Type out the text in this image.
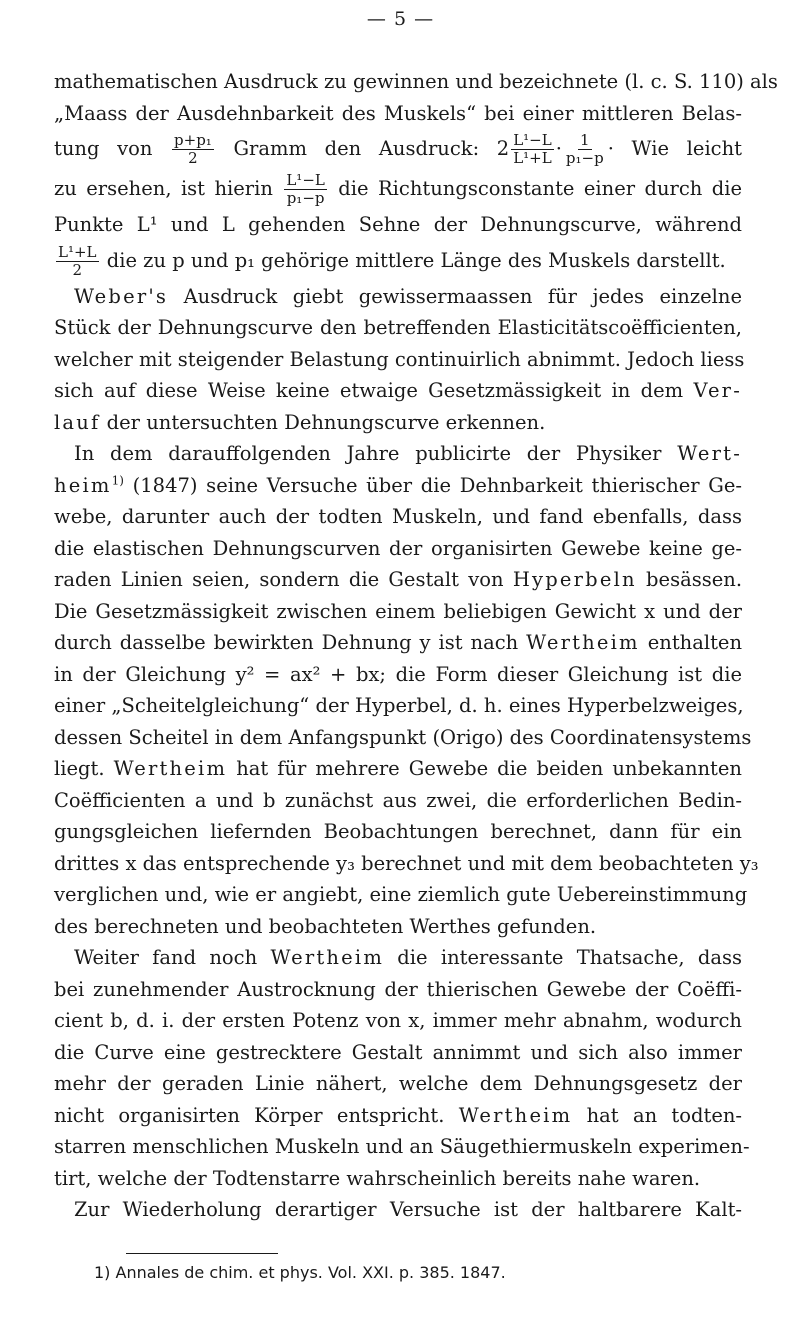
— 5 —
mathematischen Ausdruck zu gewinnen und bezeichnete (l. c. S. 110) als
„Maass der Ausdehnbarkeit des Muskels“ bei einer mittleren Belas-
tung von $\frac{\text{p+p₁}}{2}$ Gramm den Ausdruck: $2 \frac{\text{L¹−L}}{\text{L¹+L}} \cdot \frac{1}{\text{p₁−p}}$ · Wie leicht
zu ersehen, ist hierin $\frac{\text{L¹−L}}{\text{p₁−p}}$ die Richtungsconstante einer durch die
Punkte L¹ und L gehenden Sehne der Dehnungscurve, während
$\frac{\text{L¹+L}}{2}$ die zu p und p₁ gehörige mittlere Länge des Muskels darstellt.
Weber's Ausdruck giebt gewissermaassen für jedes einzelne
Stück der Dehnungscurve den betreffenden Elasticitätscoëfficienten,
welcher mit steigender Belastung continuirlich abnimmt. Jedoch liess
sich auf diese Weise keine etwaige Gesetzmässigkeit in dem Ver-
lauf der untersuchten Dehnungscurve erkennen.
In dem darauffolgenden Jahre publicirte der Physiker Wert-
heim$^{1)}$ (1847) seine Versuche über die Dehnbarkeit thierischer Ge-
webe, darunter auch der todten Muskeln, und fand ebenfalls, dass
die elastischen Dehnungscurven der organisirten Gewebe keine ge-
raden Linien seien, sondern die Gestalt von Hyperbeln besässen.
Die Gesetzmässigkeit zwischen einem beliebigen Gewicht x und der
durch dasselbe bewirkten Dehnung y ist nach Wertheim enthalten
in der Gleichung y² = ax² + bx; die Form dieser Gleichung ist die
einer „Scheitelgleichung“ der Hyperbel, d. h. eines Hyperbelzweiges,
dessen Scheitel in dem Anfangspunkt (Origo) des Coordinatensystems
liegt. Wertheim hat für mehrere Gewebe die beiden unbekannten
Coëfficienten a und b zunächst aus zwei, die erforderlichen Bedin-
gungsgleichen liefernden Beobachtungen berechnet, dann für ein
drittes x das entsprechende y₃ berechnet und mit dem beobachteten y₃
verglichen und, wie er angiebt, eine ziemlich gute Uebereinstimmung
des berechneten und beobachteten Werthes gefunden.
Weiter fand noch Wertheim die interessante Thatsache, dass
bei zunehmender Austrocknung der thierischen Gewebe der Coëffi-
cient b, d. i. der ersten Potenz von x, immer mehr abnahm, wodurch
die Curve eine gestrecktere Gestalt annimmt und sich also immer
mehr der geraden Linie nähert, welche dem Dehnungsgesetz der
nicht organisirten Körper entspricht. Wertheim hat an todten-
starren menschlichen Muskeln und an Säugethiermuskeln experimen-
tirt, welche der Todtenstarre wahrscheinlich bereits nahe waren.
Zur Wiederholung derartiger Versuche ist der haltbarere Kalt-
1) Annales de chim. et phys. Vol. XXI. p. 385. 1847.
